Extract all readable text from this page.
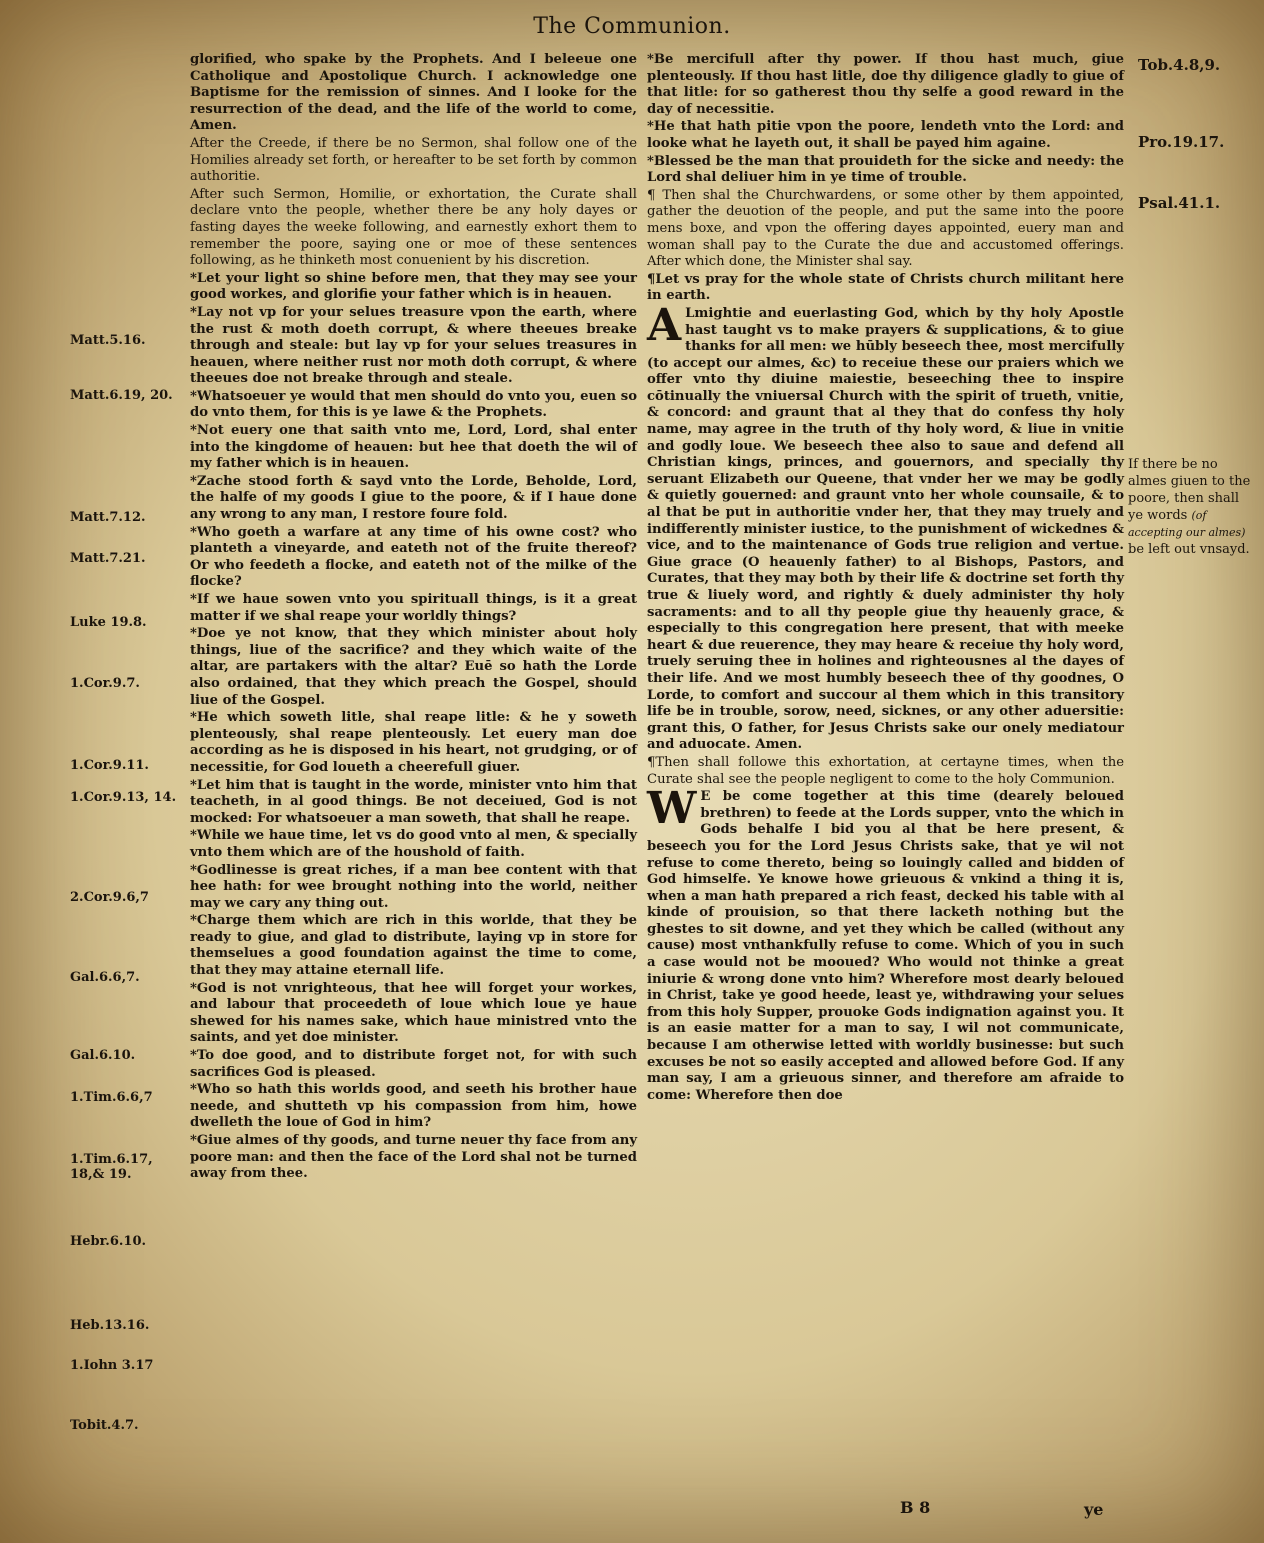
The Communion.

glorified, who spake by the Prophets. And I beleeue one Catholique and Apostolique Church. I acknowledge one Baptisme for the remission of sinnes. And I looke for the resurrection of the dead, and the life of the world to come, Amen.

After the Creede, if there be no Sermon, shal follow one of the Homilies already set forth, or hereafter to be set forth by common authoritie.

After such Sermon, Homilie, or exhortation, the Curate shall declare vnto the people, whether there be any holy dayes or fasting dayes the weeke following, and earnestly exhort them to remember the poore, saying one or moe of these sentences following, as he thinketh most conuenient by his discretion.

*Let your light so shine before men, that they may see your good workes, and glorifie your father which is in heauen.

*Lay not vp for your selues treasure vpon the earth, where the rust & moth doeth corrupt, & where theeues breake through and steale: but lay vp for your selues treasures in heauen, where neither rust nor moth doth corrupt, & where theeues doe not breake through and steale.

*Whatsoeuer ye would that men should do vnto you, euen so do vnto them, for this is ye lawe & the Prophets.

*Not euery one that saith vnto me, Lord, Lord, shal enter into the kingdome of heauen: but hee that doeth the wil of my father which is in heauen.

*Zache stood forth & sayd vnto the Lorde, Beholde, Lord, the halfe of my goods I giue to the poore, & if I haue done any wrong to any man, I restore foure fold.

*Who goeth a warfare at any time of his owne cost? who planteth a vineyarde, and eateth not of the fruite thereof? Or who feedeth a flocke, and eateth not of the milke of the flocke?

*If we haue sowen vnto you spirituall things, is it a great matter if we shal reape your worldly things?

*Doe ye not know, that they which minister about holy things, liue of the sacrifice? and they which waite of the altar, are partakers with the altar? Euē so hath the Lorde also ordained, that they which preach the Gospel, should liue of the Gospel.

*He which soweth litle, shal reape litle: & he y soweth plenteously, shal reape plenteously. Let euery man doe according as he is disposed in his heart, not grudging, or of necessitie, for God loueth a cheerefull giuer.

*Let him that is taught in the worde, minister vnto him that teacheth, in al good things. Be not deceiued, God is not mocked: For whatsoeuer a man soweth, that shall he reape.

*While we haue time, let vs do good vnto al men, & specially vnto them which are of the houshold of faith.

*Godlinesse is great riches, if a man bee content with that hee hath: for wee brought nothing into the world, neither may we cary any thing out.

*Charge them which are rich in this worlde, that they be ready to giue, and glad to distribute, laying vp in store for themselues a good foundation against the time to come, that they may attaine eternall life.

*God is not vnrighteous, that hee will forget your workes, and labour that proceedeth of loue which loue ye haue shewed for his names sake, which haue ministred vnto the saints, and yet doe minister.

*To doe good, and to distribute forget not, for with such sacrifices God is pleased.

*Who so hath this worlds good, and seeth his brother haue neede, and shutteth vp his compassion from him, howe dwelleth the loue of God in him?

*Giue almes of thy goods, and turne neuer thy face from any poore man: and then the face of the Lord shal not be turned away from thee.

*Be mercifull after thy power. If thou hast much, giue plenteously. If thou hast litle, doe thy diligence gladly to giue of that litle: for so gatherest thou thy selfe a good reward in the day of necessitie.

*He that hath pitie vpon the poore, lendeth vnto the Lord: and looke what he layeth out, it shall be payed him againe.

*Blessed be the man that prouideth for the sicke and needy: the Lord shal deliuer him in ye time of trouble.

¶ Then shal the Churchwardens, or some other by them appointed, gather the deuotion of the people, and put the same into the poore mens boxe, and vpon the offering dayes appointed, euery man and woman shall pay to the Curate the due and accustomed offerings. After which done, the Minister shal say.

¶Let vs pray for the whole state of Christs church militant here in earth.

A Lmightie and euerlasting God, which by thy holy Apostle hast taught vs to make prayers & supplications, & to giue thanks for all men: we hūbly beseech thee, most mercifully (to accept our almes, &c) to receiue these our praiers which we offer vnto thy diuine maiestie, beseeching thee to inspire cōtinually the vniuersal Church with the spirit of trueth, vnitie, & concord: and graunt that al they that do confess thy holy name, may agree in the truth of thy holy word, & liue in vnitie and godly loue. We beseech thee also to saue and defend all Christian kings, princes, and gouernors, and specially thy seruant Elizabeth our Queene, that vnder her we may be godly & quietly gouerned: and graunt vnto her whole counsaile, & to al that be put in authoritie vnder her, that they may truely and indifferently minister iustice, to the punishment of wickednes & vice, and to the maintenance of Gods true religion and vertue. Giue grace (O heauenly father) to al Bishops, Pastors, and Curates, that they may both by their life & doctrine set forth thy true & liuely word, and rightly & duely administer thy holy sacraments: and to all thy people giue thy heauenly grace, & especially to this congregation here present, that with meeke heart & due reuerence, they may heare & receiue thy holy word, truely seruing thee in holines and righteousnes al the dayes of their life. And we most humbly beseech thee of thy goodnes, O Lorde, to comfort and succour al them which in this transitory life be in trouble, sorow, need, sicknes, or any other aduersitie: grant this, O father, for Jesus Christs sake our onely mediatour and aduocate. Amen.

¶Then shall followe this exhortation, at certayne times, when the Curate shal see the people negligent to come to the holy Communion.

W E be come together at this time (dearely beloued brethren) to feede at the Lords supper, vnto the which in Gods behalfe I bid you al that be here present, & beseech you for the Lord Jesus Christs sake, that ye wil not refuse to come thereto, being so louingly called and bidden of God himselfe. Ye knowe howe grieuous & vnkind a thing it is, when a man hath prepared a rich feast, decked his table with al kinde of prouision, so that there lacketh nothing but the ghestes to sit downe, and yet they which be called (without any cause) most vnthankfully refuse to come. Which of you in such a case would not be mooued? Who would not thinke a great iniurie & wrong done vnto him? Wherefore most dearly beloued in Christ, take ye good heede, least ye, withdrawing your selues from this holy Supper, prouoke Gods indignation against you. It is an easie matter for a man to say, I wil not communicate, because I am otherwise letted with worldly businesse: but such excuses be not so easily accepted and allowed before God. If any man say, I am a grieuous sinner, and therefore am afraide to come: Wherefore then doe

Matt.5.16.
Matt.6.19, 20.
Matt.7.12.
Matt.7.21.
Luke 19.8.
1.Cor.9.7.
1.Cor.9.11.
1.Cor.9.13, 14.
2.Cor.9.6,7
Gal.6.6,7.
Gal.6.10.
1.Tim.6.6,7
1.Tim.6.17, 18,& 19.
Hebr.6.10.
Heb.13.16.
1.Iohn 3.17
Tobit.4.7.
Tob.4.8,9.
Pro.19.17.
Psal.41.1.
If there be no almes giuen to the poore, then shall ye words (of accepting our almes) be left out vnsayd.
B 8	ye
